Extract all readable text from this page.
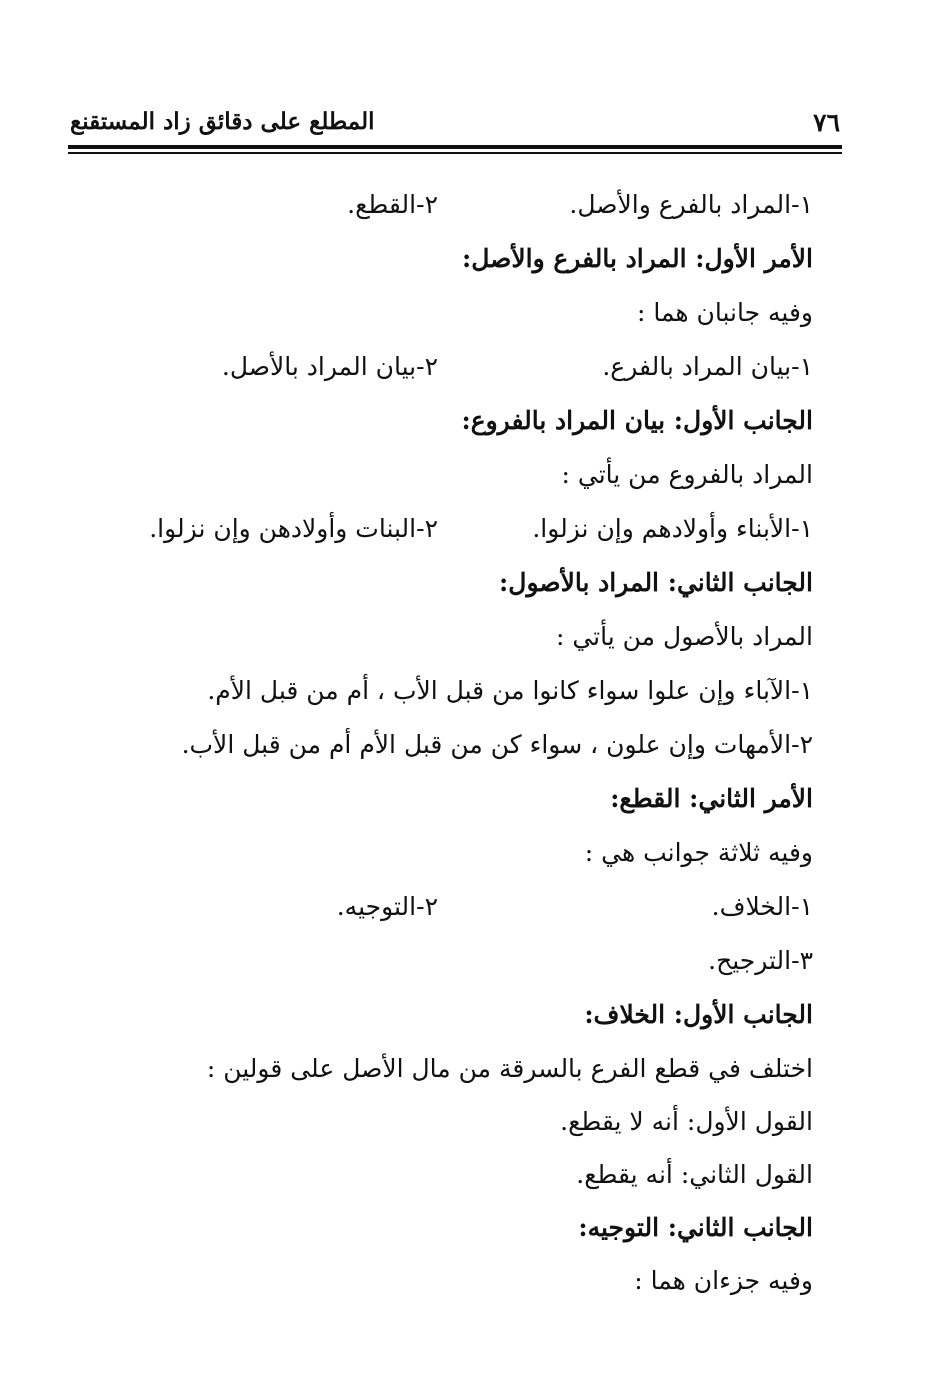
٧٦
المطلع على دقائق زاد المستقنع
١-المراد بالفرع والأصل.
٢-القطع.
الأمر الأول: المراد بالفرع والأصل:
وفيه جانبان هما :
١-بيان المراد بالفرع.
٢-بيان المراد بالأصل.
الجانب الأول: بيان المراد بالفروع:
المراد بالفروع من يأتي :
١-الأبناء وأولادهم وإن نزلوا.
٢-البنات وأولادهن وإن نزلوا.
الجانب الثاني: المراد بالأصول:
المراد بالأصول من يأتي :
١-الآباء وإن علوا سواء كانوا من قبل الأب ، أم من قبل الأم.
٢-الأمهات وإن علون ، سواء كن من قبل الأم أم من قبل الأب.
الأمر الثاني: القطع:
وفيه ثلاثة جوانب هي :
١-الخلاف.
٢-التوجيه.
٣-الترجيح.
الجانب الأول: الخلاف:
اختلف في قطع الفرع بالسرقة من مال الأصل على قولين :
القول الأول: أنه لا يقطع.
القول الثاني: أنه يقطع.
الجانب الثاني: التوجيه:
وفيه جزءان هما :
